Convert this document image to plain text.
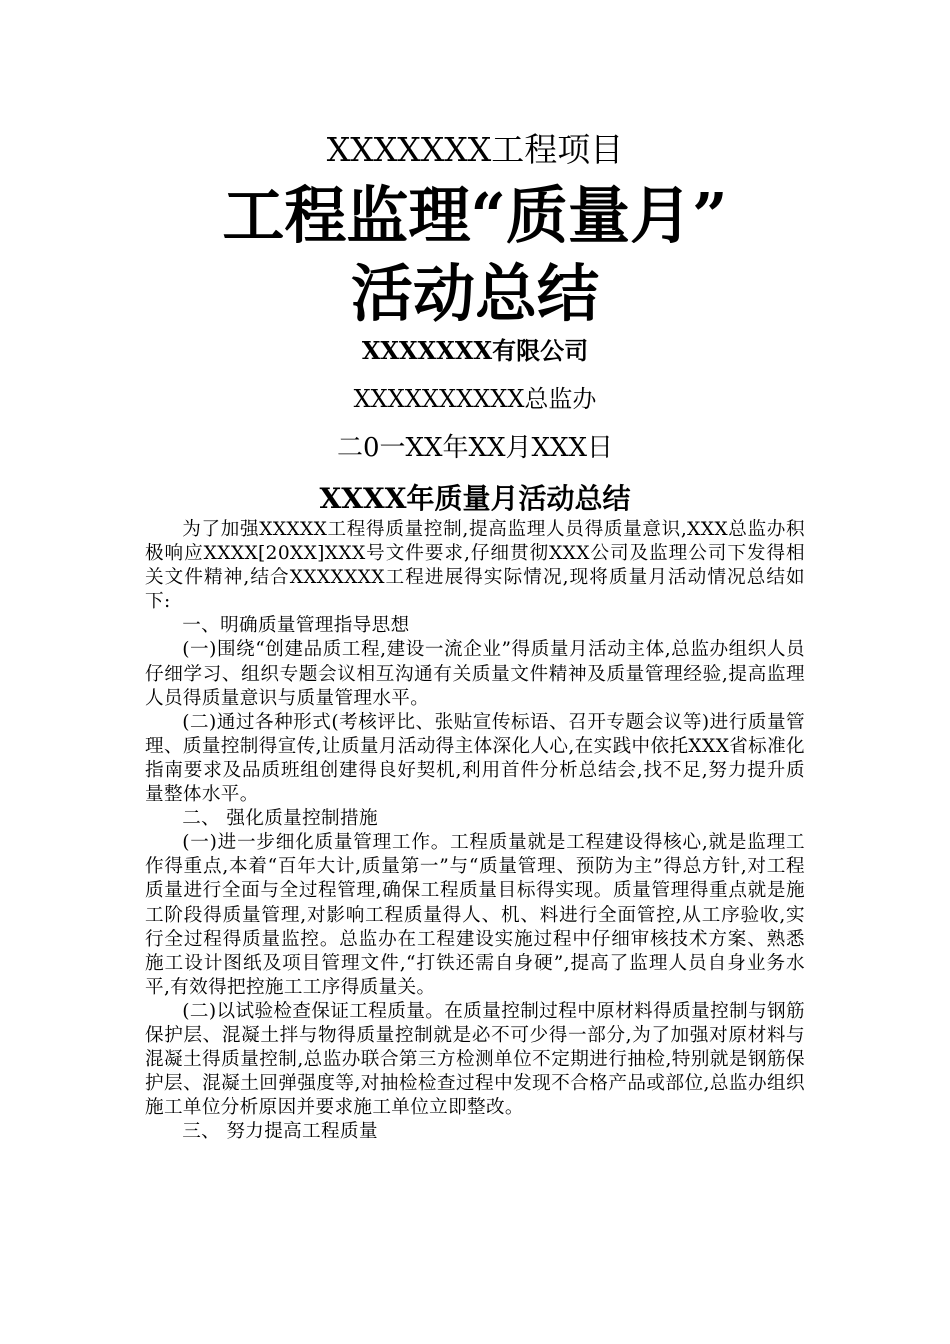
XXXXXXX工程项目
工程监理“质量月”
活动总结
XXXXXXX有限公司
XXXXXXXXXX总监办
二0一XX年XX月XXX日
XXXX年质量月活动总结

为了加强XXXXX工程得质量控制,提高监理人员得质量意识,XXX总监办积极响应XXXX[20XX]XXX号文件要求,仔细贯彻XXX公司及监理公司下发得相关文件精神,结合XXXXXXX工程进展得实际情况,现将质量月活动情况总结如下:

一、明确质量管理指导思想

(一)围绕“创建品质工程,建设一流企业”得质量月活动主体,总监办组织人员仔细学习、组织专题会议相互沟通有关质量文件精神及质量管理经验,提高监理人员得质量意识与质量管理水平。

(二)通过各种形式(考核评比、张贴宣传标语、召开专题会议等)进行质量管理、质量控制得宣传,让质量月活动得主体深化人心,在实践中依托XXX省标准化指南要求及品质班组创建得良好契机,利用首件分析总结会,找不足,努力提升质量整体水平。

二、 强化质量控制措施

(一)进一步细化质量管理工作。工程质量就是工程建设得核心,就是监理工作得重点,本着“百年大计,质量第一”与“质量管理、预防为主”得总方针,对工程质量进行全面与全过程管理,确保工程质量目标得实现。质量管理得重点就是施工阶段得质量管理,对影响工程质量得人、机、料进行全面管控,从工序验收,实行全过程得质量监控。总监办在工程建设实施过程中仔细审核技术方案、熟悉施工设计图纸及项目管理文件,“打铁还需自身硬”,提高了监理人员自身业务水平,有效得把控施工工序得质量关。

(二)以试验检查保证工程质量。在质量控制过程中原材料得质量控制与钢筋保护层、混凝土拌与物得质量控制就是必不可少得一部分,为了加强对原材料与混凝土得质量控制,总监办联合第三方检测单位不定期进行抽检,特别就是钢筋保护层、混凝土回弹强度等,对抽检检查过程中发现不合格产品或部位,总监办组织施工单位分析原因并要求施工单位立即整改。

三、 努力提高工程质量
